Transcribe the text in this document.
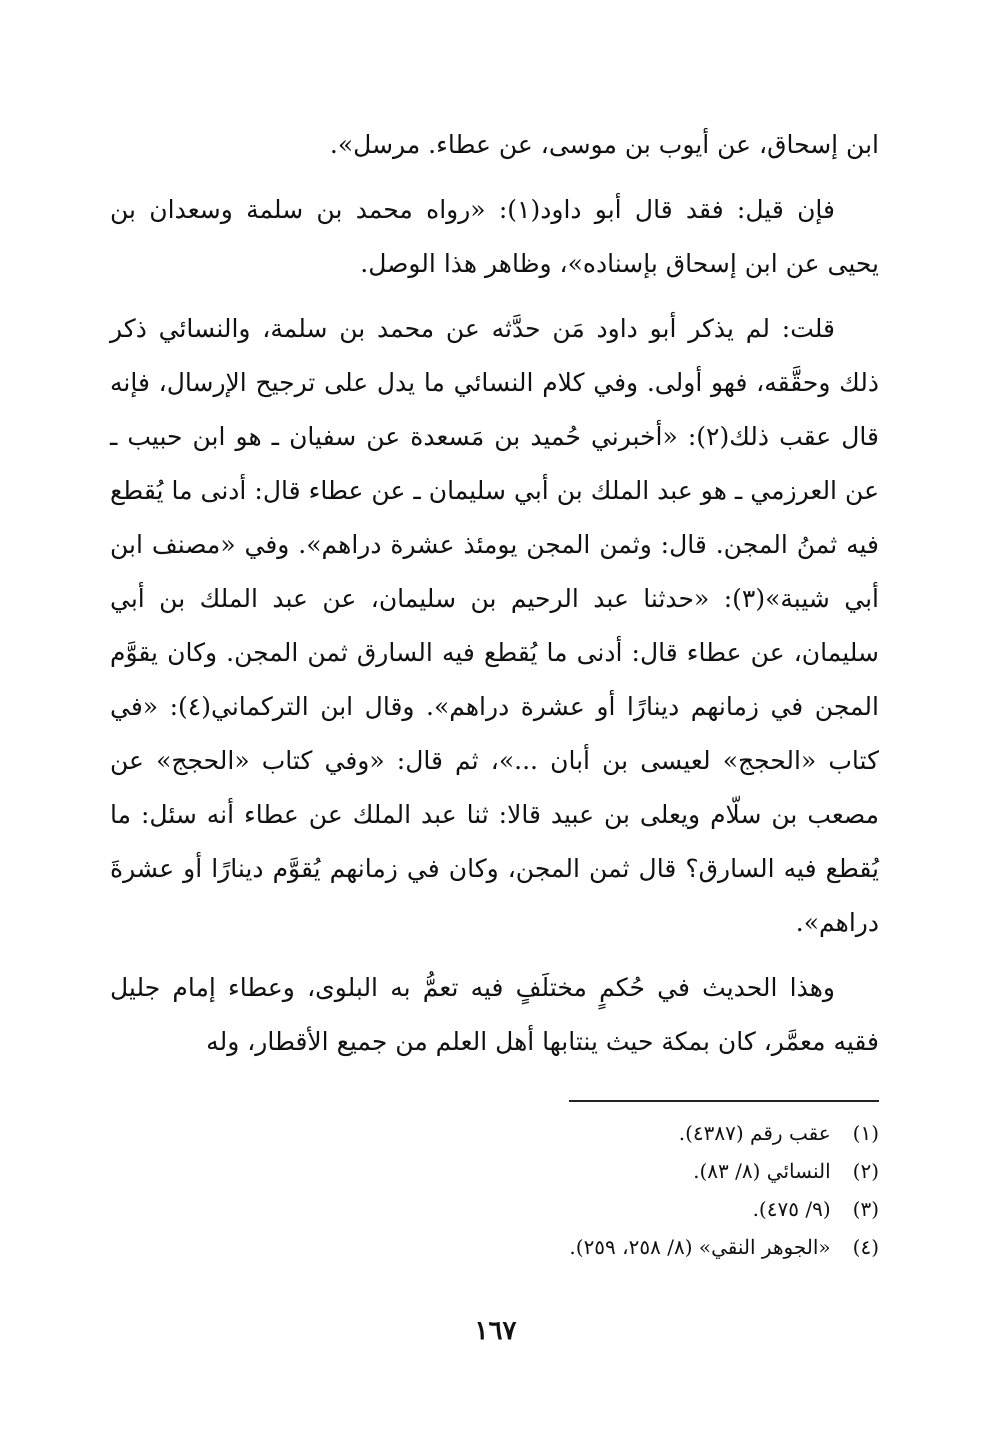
ابن إسحاق، عن أيوب بن موسى، عن عطاء. مرسل».

فإن قيل: فقد قال أبو داود(١): «رواه محمد بن سلمة وسعدان بن يحيى عن ابن إسحاق بإسناده»، وظاهر هذا الوصل.

قلت: لم يذكر أبو داود مَن حدَّثه عن محمد بن سلمة، والنسائي ذكر ذلك وحقَّقه، فهو أولى. وفي كلام النسائي ما يدل على ترجيح الإرسال، فإنه قال عقب ذلك(٢): «أخبرني حُميد بن مَسعدة عن سفيان ـ هو ابن حبيب ـ عن العرزمي ـ هو عبد الملك بن أبي سليمان ـ عن عطاء قال: أدنى ما يُقطع فيه ثمنُ المجن. قال: وثمن المجن يومئذ عشرة دراهم». وفي «مصنف ابن أبي شيبة»(٣): «حدثنا عبد الرحيم بن سليمان، عن عبد الملك بن أبي سليمان، عن عطاء قال: أدنى ما يُقطع فيه السارق ثمن المجن. وكان يقوَّم المجن في زمانهم دينارًا أو عشرة دراهم». وقال ابن التركماني(٤): «في كتاب «الحجج» لعيسى بن أبان ...»، ثم قال: «وفي كتاب «الحجج» عن مصعب بن سلّام ويعلى بن عبيد قالا: ثنا عبد الملك عن عطاء أنه سئل: ما يُقطع فيه السارق؟ قال ثمن المجن، وكان في زمانهم يُقوَّم دينارًا أو عشرةَ دراهم».

وهذا الحديث في حُكمٍ مختلَفٍ فيه تعمُّ به البلوى، وعطاء إمام جليل فقيه معمَّر، كان بمكة حيث ينتابها أهل العلم من جميع الأقطار، وله

(١) عقب رقم (٤٣٨٧).

(٢) النسائي (٨/ ٨٣).

(٣) (٩/ ٤٧٥).

(٤) «الجوهر النقي» (٨/ ٢٥٨، ٢٥٩).

١٦٧
